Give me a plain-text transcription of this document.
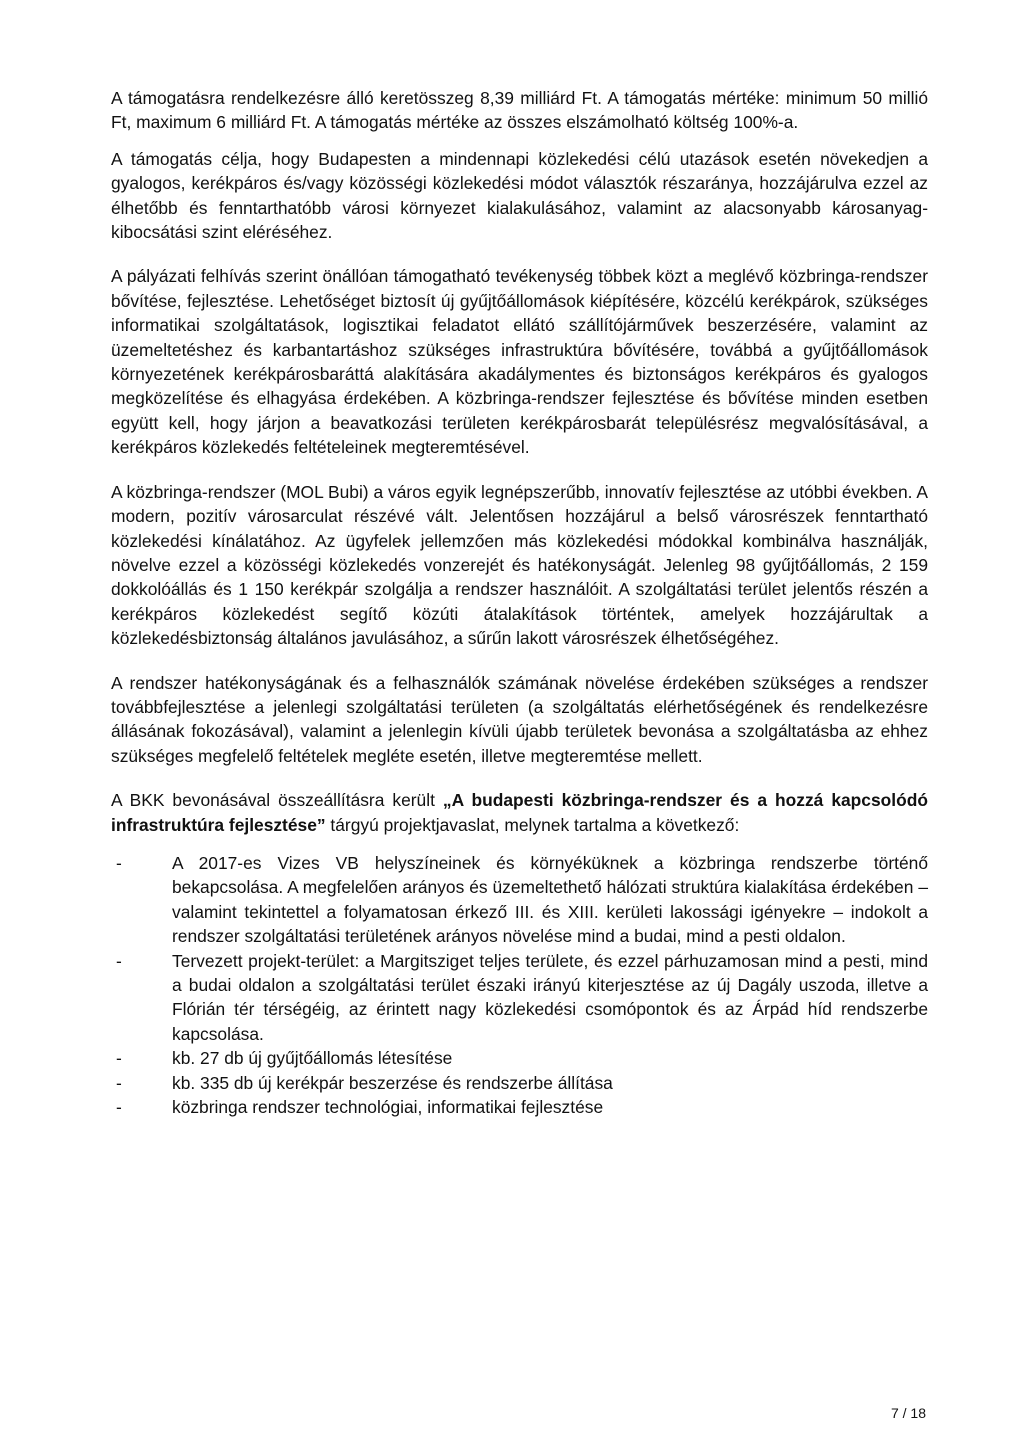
A támogatásra rendelkezésre álló keretösszeg 8,39 milliárd Ft. A támogatás mértéke: minimum 50 millió Ft, maximum 6 milliárd Ft. A támogatás mértéke az összes elszámolható költség 100%-a.

A támogatás célja, hogy Budapesten a mindennapi közlekedési célú utazások esetén növekedjen a gyalogos, kerékpáros és/vagy közösségi közlekedési módot választók részaránya, hozzájárulva ezzel az élhetőbb és fenntarthatóbb városi környezet kialakulásához, valamint az alacsonyabb károsanyag-kibocsátási szint eléréséhez.

A pályázati felhívás szerint önállóan támogatható tevékenység többek közt a meglévő közbringa-rendszer bővítése, fejlesztése. Lehetőséget biztosít új gyűjtőállomások kiépítésére, közcélú kerékpárok, szükséges informatikai szolgáltatások, logisztikai feladatot ellátó szállítójárművek beszerzésére, valamint az üzemeltetéshez és karbantartáshoz szükséges infrastruktúra bővítésére, továbbá a gyűjtőállomások környezetének kerékpárosbaráttá alakítására akadálymentes és biztonságos kerékpáros és gyalogos megközelítése és elhagyása érdekében. A közbringa-rendszer fejlesztése és bővítése minden esetben együtt kell, hogy járjon a beavatkozási területen kerékpárosbarát településrész megvalósításával, a kerékpáros közlekedés feltételeinek megteremtésével.

A közbringa-rendszer (MOL Bubi) a város egyik legnépszerűbb, innovatív fejlesztése az utóbbi években. A modern, pozitív városarculat részévé vált. Jelentősen hozzájárul a belső városrészek fenntartható közlekedési kínálatához. Az ügyfelek jellemzően más közlekedési módokkal kombinálva használják, növelve ezzel a közösségi közlekedés vonzerejét és hatékonyságát. Jelenleg 98 gyűjtőállomás, 2 159 dokkolóállás és 1 150 kerékpár szolgálja a rendszer használóit. A szolgáltatási terület jelentős részén a kerékpáros közlekedést segítő közúti átalakítások történtek, amelyek hozzájárultak a közlekedésbiztonság általános javulásához, a sűrűn lakott városrészek élhetőségéhez.

A rendszer hatékonyságának és a felhasználók számának növelése érdekében szükséges a rendszer továbbfejlesztése a jelenlegi szolgáltatási területen (a szolgáltatás elérhetőségének és rendelkezésre állásának fokozásával), valamint a jelenlegin kívüli újabb területek bevonása a szolgáltatásba az ehhez szükséges megfelelő feltételek megléte esetén, illetve megteremtése mellett.

A BKK bevonásával összeállításra került „A budapesti közbringa-rendszer és a hozzá kapcsolódó infrastruktúra fejlesztése” tárgyú projektjavaslat, melynek tartalma a következő:

- A 2017-es Vizes VB helyszíneinek és környéküknek a közbringa rendszerbe történő bekapcsolása. A megfelelően arányos és üzemeltethető hálózati struktúra kialakítása érdekében – valamint tekintettel a folyamatosan érkező III. és XIII. kerületi lakossági igényekre – indokolt a rendszer szolgáltatási területének arányos növelése mind a budai, mind a pesti oldalon.
- Tervezett projekt-terület: a Margitsziget teljes területe, és ezzel párhuzamosan mind a pesti, mind a budai oldalon a szolgáltatási terület északi irányú kiterjesztése az új Dagály uszoda, illetve a Flórián tér térségéig, az érintett nagy közlekedési csomópontok és az Árpád híd rendszerbe kapcsolása.
- kb. 27 db új gyűjtőállomás létesítése
- kb. 335 db új kerékpár beszerzése és rendszerbe állítása
- közbringa rendszer technológiai, informatikai fejlesztése
7 / 18
